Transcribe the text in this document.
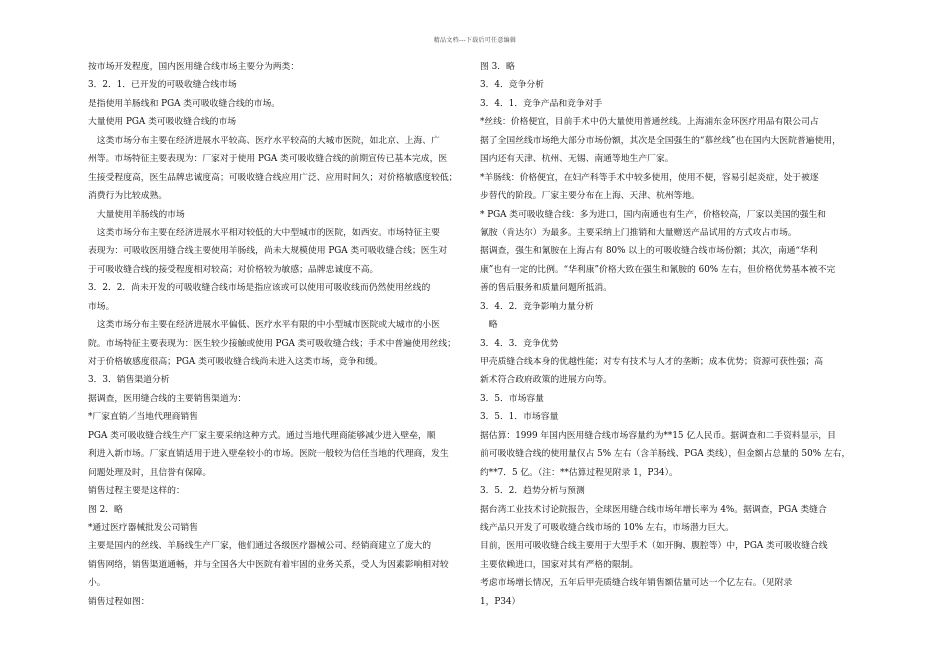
精品文档---下载后可任意编辑
按市场开发程度，国内医用缝合线市场主要分为两类：
3．2．1．已开发的可吸收缝合线市场
是指使用羊肠线和 PGA 类可吸收缝合线的市场。
大量使用 PGA 类可吸收缝合线的市场
　这类市场分布主要在经济进展水平较高、医疗水平较高的大城市医院，如北京、上海、广
州等。市场特征主要表现为：厂家对于使用 PGA 类可吸收缝合线的前期宣传已基本完成，医
生接受程度高，医生品牌忠诚度高；可吸收缝合线应用广泛、应用时间久；对价格敏感度较低；
消费行为比较成熟。
　大量使用羊肠线的市场
　这类市场分布主要在经济进展水平相对较低的大中型城市的医院，如西安。市场特征主要
表现为：可吸收医用缝合线主要使用羊肠线，尚未大规模使用 PGA 类可吸收缝合线；医生对
于可吸收缝合线的接受程度相对较高；对价格较为敏感；品牌忠诚度不高。
3．2．2．尚未开发的可吸收缝合线市场是指应该或可以使用可吸收线而仍然使用丝线的
市场。
　这类市场分布主要在经济进展水平偏低、医疗水平有限的中小型城市医院或大城市的小医
院。市场特征主要表现为：医生较少接触或使用 PGA 类可吸收缝合线；手术中普遍使用丝线；
对于价格敏感度很高；PGA 类可吸收缝合线尚未进入这类市场，竞争和缓。
3．3．销售渠道分析
据调查，医用缝合线的主要销售渠道为：
*厂家直销／当地代理商销售
PGA 类可吸收缝合线生产厂家主要采纳这种方式。通过当地代理商能够减少进入壁垒，顺
利进入新市场。厂家直销适用于进入壁垒较小的市场。医院一般较为信任当地的代理商，发生
问题处理及时，且信誉有保障。
销售过程主要是这样的：
图 2．略
*通过医疗器械批发公司销售
主要是国内的丝线、羊肠线生产厂家，他们通过各级医疗器械公司、经销商建立了庞大的
销售网络，销售渠道通畅，并与全国各大中医院有着牢固的业务关系，受人为因素影响相对较
小。
销售过程如图：
图 3．略
3．4．竞争分析
3．4．1．竞争产品和竞争对手
*丝线：价格便宜，目前手术中仍大量使用普通丝线。上海浦东金环医疗用品有限公司占
据了全国丝线市场绝大部分市场份额，其次是全国强生的“慕丝线”也在国内大医院普遍使用，
国内还有天津、杭州、无锡、南通等地生产厂家。
*羊肠线：价格便宜，在妇产科等手术中较多使用，使用不便，容易引起炎症，处于被逐
步替代的阶段。厂家主要分布在上海、天津、杭州等地。
* PGA 类可吸收缝合线：多为进口，国内南通也有生产，价格较高，厂家以美国的强生和
氰胺（肯达尔）为最多。主要采纳上门推销和大量赠送产品试用的方式攻占市场。
据调查，强生和氰胺在上海占有 80% 以上的可吸收缝合线市场份额；其次，南通“华利
康”也有一定的比例。“华利康”价格大致在强生和氰胺的 60% 左右，但价格优势基本被不完
善的售后服务和质量问题所抵消。
3．4．2．竞争影响力量分析
　略
3．4．3．竞争优势
甲壳质缝合线本身的优越性能；对专有技术与人才的垄断；成本优势；资源可获性强；高
新术符合政府政策的进展方向等。
3．5．市场容量
3．5．1．市场容量
据估算：1999 年国内医用缝合线市场容量约为**15 亿人民币。据调查和二手资料显示，目
前可吸收缝合线的使用量仅占 5% 左右（含羊肠线、PGA 类线），但金额占总量的 50% 左右，
约**7．5 亿。（注：**估算过程见附录 1，P34）。
3．5．2．趋势分析与预测
据台湾工业技术讨论院报告，全球医用缝合线市场年增长率为 4%。据调查，PGA 类缝合
线产品只开发了可吸收缝合线市场的 10% 左右，市场潜力巨大。
目前，医用可吸收缝合线主要用于大型手术（如开胸、腹腔等）中，PGA 类可吸收缝合线
主要依赖进口，国家对其有严格的限制。
考虑市场增长情况，五年后甲壳质缝合线年销售额估量可达一个亿左右。（见附录
1，P34）
